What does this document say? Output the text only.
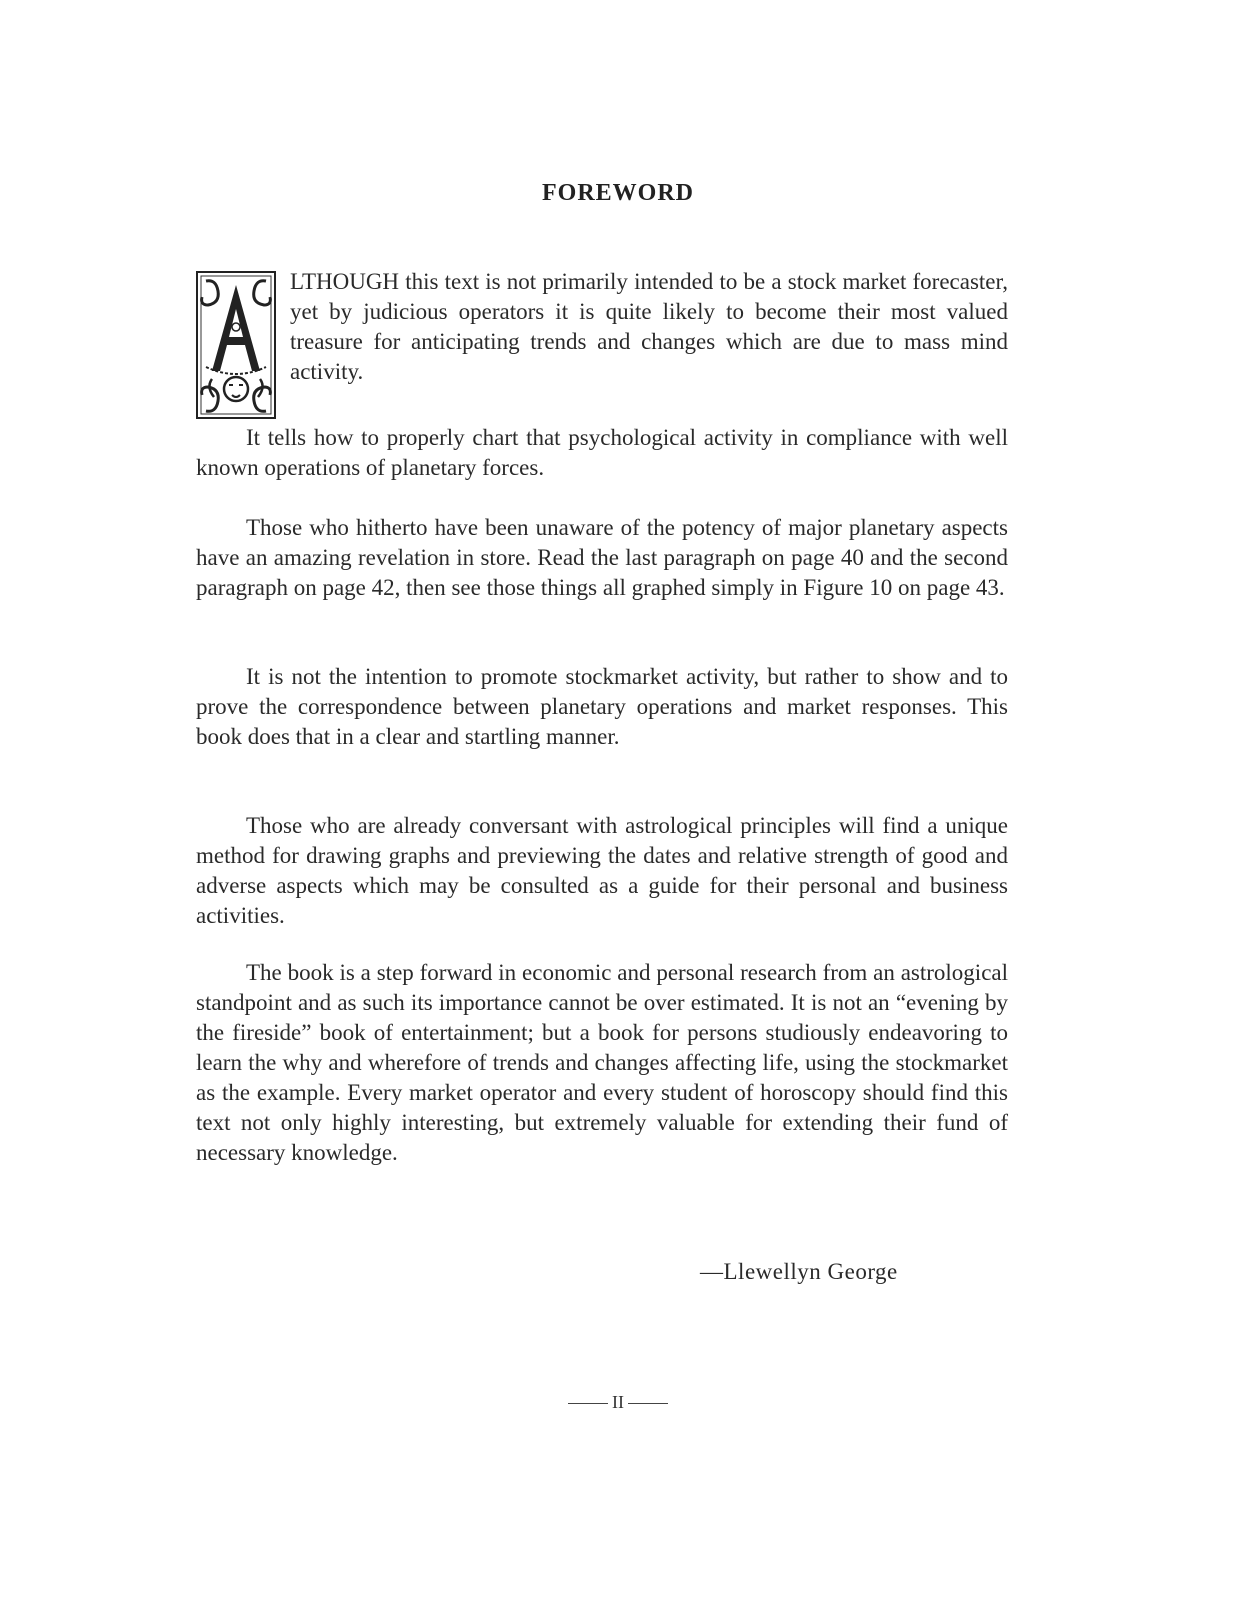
FOREWORD
LTHOUGH this text is not primarily intended to be a stock market forecaster, yet by judicious operators it is quite likely to become their most valued treasure for anticipating trends and changes which are due to mass mind activity.
It tells how to properly chart that psychological activity in compliance with well known operations of planetary forces.
Those who hitherto have been unaware of the potency of major planetary aspects have an amazing revelation in store. Read the last paragraph on page 40 and the second paragraph on page 42, then see those things all graphed simply in Figure 10 on page 43.
It is not the intention to promote stockmarket activity, but rather to show and to prove the correspondence between planetary operations and market responses. This book does that in a clear and startling manner.
Those who are already conversant with astrological principles will find a unique method for drawing graphs and previewing the dates and relative strength of good and adverse aspects which may be consulted as a guide for their personal and business activities.
The book is a step forward in economic and personal research from an astrological standpoint and as such its importance cannot be over estimated. It is not an “evening by the fireside” book of entertainment; but a book for persons studiously endeavoring to learn the why and wherefore of trends and changes affecting life, using the stockmarket as the example. Every market operator and every student of horoscopy should find this text not only highly interesting, but extremely valuable for extending their fund of necessary knowledge.
—Llewellyn George
II
